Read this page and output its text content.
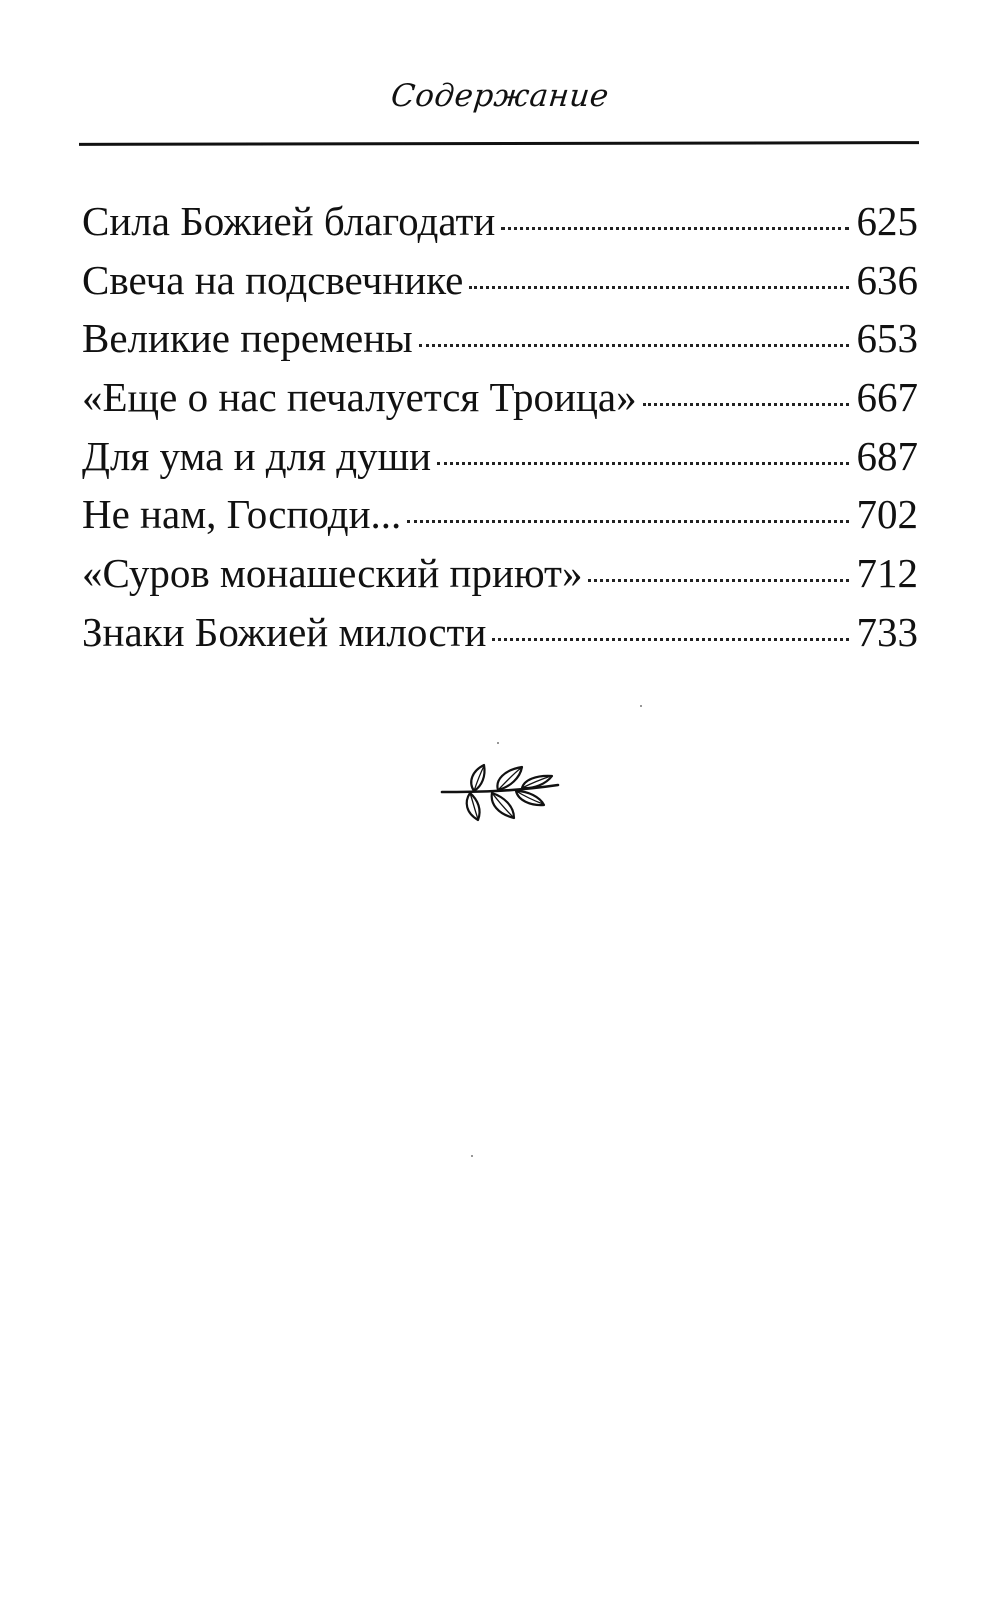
Содержание
Сила Божией благодати	625
Свеча на подсвечнике	636
Великие перемены	653
«Еще о нас печалуется Троица»	667
Для ума и для души	687
Не нам, Господи...	702
«Суров монашеский приют»	712
Знаки Божией милости	733
